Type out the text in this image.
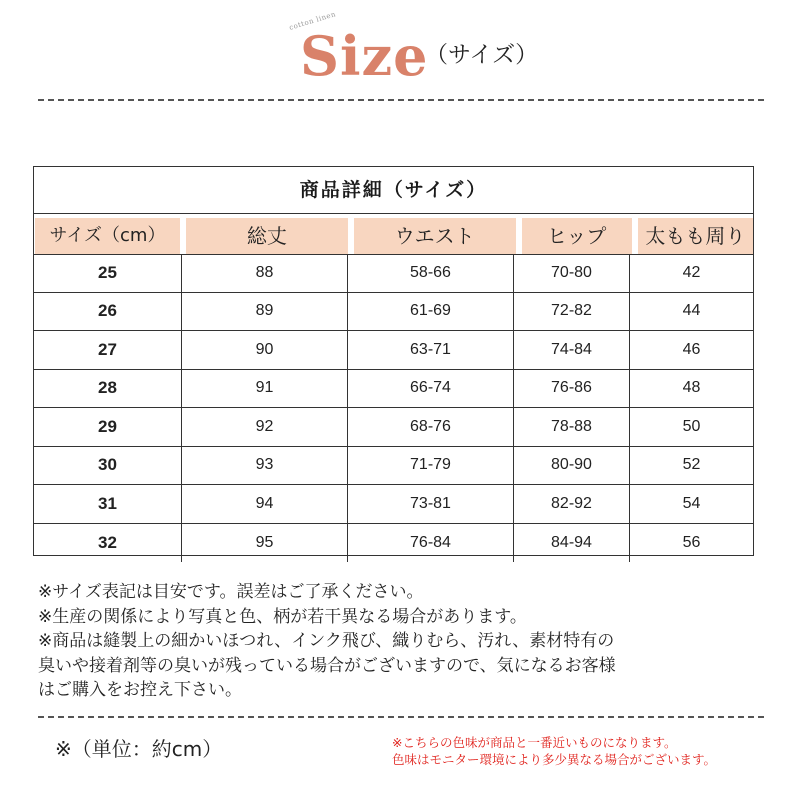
cotton linen
Size
（サイズ）
商品詳細（サイズ）
サイズ（cm）	総丈	ウエスト	ヒップ	太もも周り
25	88	58-66	70-80	42
26	89	61-69	72-82	44
27	90	63-71	74-84	46
28	91	66-74	76-86	48
29	92	68-76	78-88	50
30	93	71-79	80-90	52
31	94	73-81	82-92	54
32	95	76-84	84-94	56

※サイズ表記は目安です。誤差はご了承ください。

※生産の関係により写真と色、柄が若干異なる場合があります。

※商品は縫製上の細かいほつれ、インク飛び、織りむら、汚れ、素材特有の

臭いや接着剤等の臭いが残っている場合がございますので、気になるお客様

はご購入をお控え下さい。

※（単位：約cm）	※こちらの色味が商品と一番近いものになります。

色味はモニター環境により多少異なる場合がございます。
